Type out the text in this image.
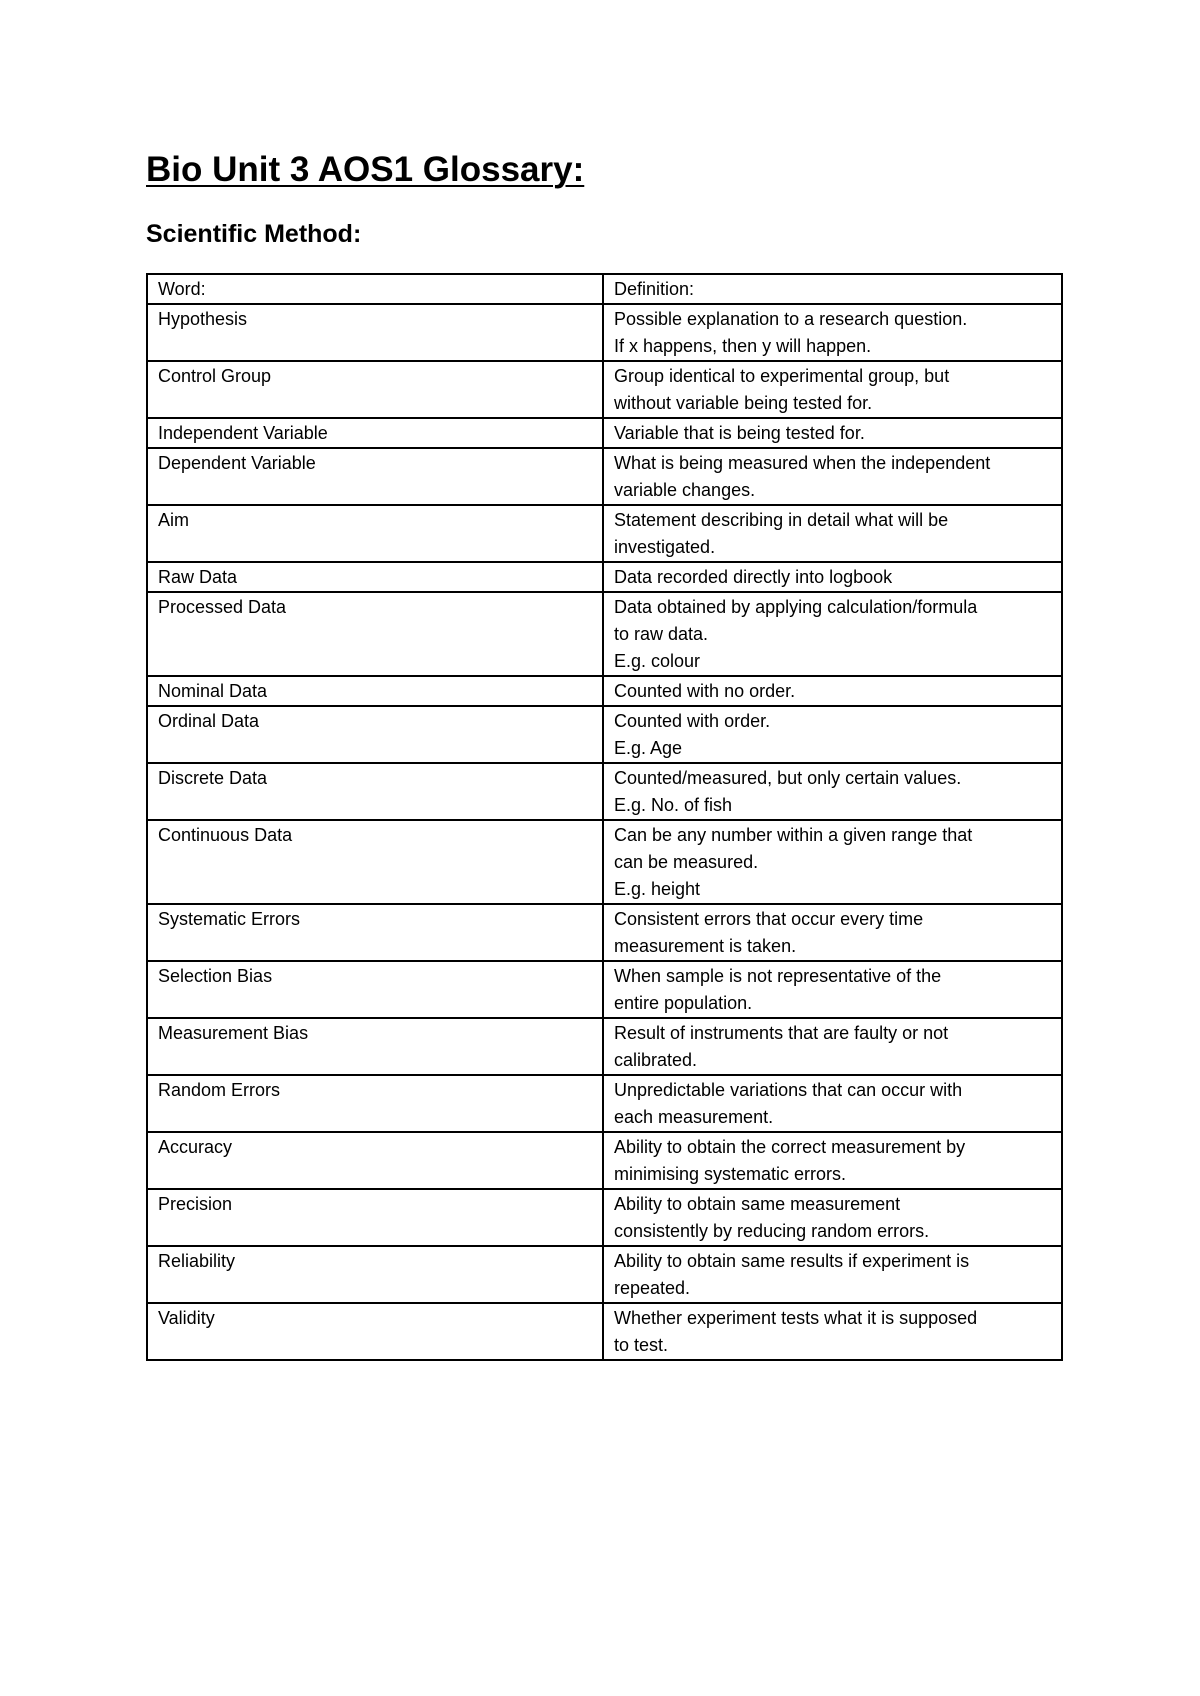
Bio Unit 3 AOS1 Glossary:
Scientific Method:
Word:	Definition:
Hypothesis	Possible explanation to a research question.
If x happens, then y will happen.

Control Group	Group identical to experimental group, but
without variable being tested for.

Independent Variable	Variable that is being tested for.

Dependent Variable	What is being measured when the independent
variable changes.

Aim	Statement describing in detail what will be
investigated.

Raw Data	Data recorded directly into logbook

Processed Data	Data obtained by applying calculation/formula
to raw data.
E.g. colour

Nominal Data	Counted with no order.

Ordinal Data	Counted with order.
E.g. Age

Discrete Data	Counted/measured, but only certain values.
E.g. No. of fish

Continuous Data	Can be any number within a given range that
can be measured.
E.g. height

Systematic Errors	Consistent errors that occur every time
measurement is taken.

Selection Bias	When sample is not representative of the
entire population.

Measurement Bias	Result of instruments that are faulty or not
calibrated.

Random Errors	Unpredictable variations that can occur with
each measurement.

Accuracy	Ability to obtain the correct measurement by
minimising systematic errors.

Precision	Ability to obtain same measurement
consistently by reducing random errors.

Reliability	Ability to obtain same results if experiment is
repeated.

Validity	Whether experiment tests what it is supposed
to test.
